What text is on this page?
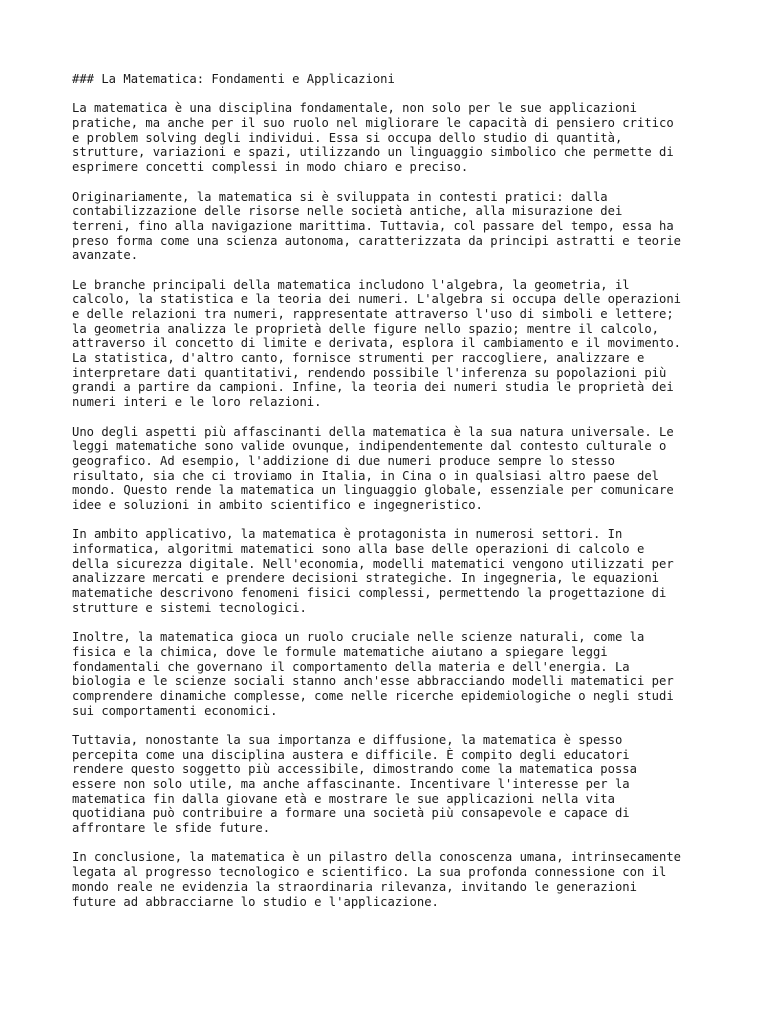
### La Matematica: Fondamenti e Applicazioni
La matematica è una disciplina fondamentale, non solo per le sue applicazioni
pratiche, ma anche per il suo ruolo nel migliorare le capacità di pensiero critico
e problem solving degli individui. Essa si occupa dello studio di quantità,
strutture, variazioni e spazi, utilizzando un linguaggio simbolico che permette di
esprimere concetti complessi in modo chiaro e preciso.
Originariamente, la matematica si è sviluppata in contesti pratici: dalla
contabilizzazione delle risorse nelle società antiche, alla misurazione dei
terreni, fino alla navigazione marittima. Tuttavia, col passare del tempo, essa ha
preso forma come una scienza autonoma, caratterizzata da principi astratti e teorie
avanzate.
Le branche principali della matematica includono l'algebra, la geometria, il
calcolo, la statistica e la teoria dei numeri. L'algebra si occupa delle operazioni
e delle relazioni tra numeri, rappresentate attraverso l'uso di simboli e lettere;
la geometria analizza le proprietà delle figure nello spazio; mentre il calcolo,
attraverso il concetto di limite e derivata, esplora il cambiamento e il movimento.
La statistica, d'altro canto, fornisce strumenti per raccogliere, analizzare e
interpretare dati quantitativi, rendendo possibile l'inferenza su popolazioni più
grandi a partire da campioni. Infine, la teoria dei numeri studia le proprietà dei
numeri interi e le loro relazioni.
Uno degli aspetti più affascinanti della matematica è la sua natura universale. Le
leggi matematiche sono valide ovunque, indipendentemente dal contesto culturale o
geografico. Ad esempio, l'addizione di due numeri produce sempre lo stesso
risultato, sia che ci troviamo in Italia, in Cina o in qualsiasi altro paese del
mondo. Questo rende la matematica un linguaggio globale, essenziale per comunicare
idee e soluzioni in ambito scientifico e ingegneristico.
In ambito applicativo, la matematica è protagonista in numerosi settori. In
informatica, algoritmi matematici sono alla base delle operazioni di calcolo e
della sicurezza digitale. Nell'economia, modelli matematici vengono utilizzati per
analizzare mercati e prendere decisioni strategiche. In ingegneria, le equazioni
matematiche descrivono fenomeni fisici complessi, permettendo la progettazione di
strutture e sistemi tecnologici.
Inoltre, la matematica gioca un ruolo cruciale nelle scienze naturali, come la
fisica e la chimica, dove le formule matematiche aiutano a spiegare leggi
fondamentali che governano il comportamento della materia e dell'energia. La
biologia e le scienze sociali stanno anch'esse abbracciando modelli matematici per
comprendere dinamiche complesse, come nelle ricerche epidemiologiche o negli studi
sui comportamenti economici.
Tuttavia, nonostante la sua importanza e diffusione, la matematica è spesso
percepita come una disciplina austera e difficile. È compito degli educatori
rendere questo soggetto più accessibile, dimostrando come la matematica possa
essere non solo utile, ma anche affascinante. Incentivare l'interesse per la
matematica fin dalla giovane età e mostrare le sue applicazioni nella vita
quotidiana può contribuire a formare una società più consapevole e capace di
affrontare le sfide future.
In conclusione, la matematica è un pilastro della conoscenza umana, intrinsecamente
legata al progresso tecnologico e scientifico. La sua profonda connessione con il
mondo reale ne evidenzia la straordinaria rilevanza, invitando le generazioni
future ad abbracciarne lo studio e l'applicazione.
